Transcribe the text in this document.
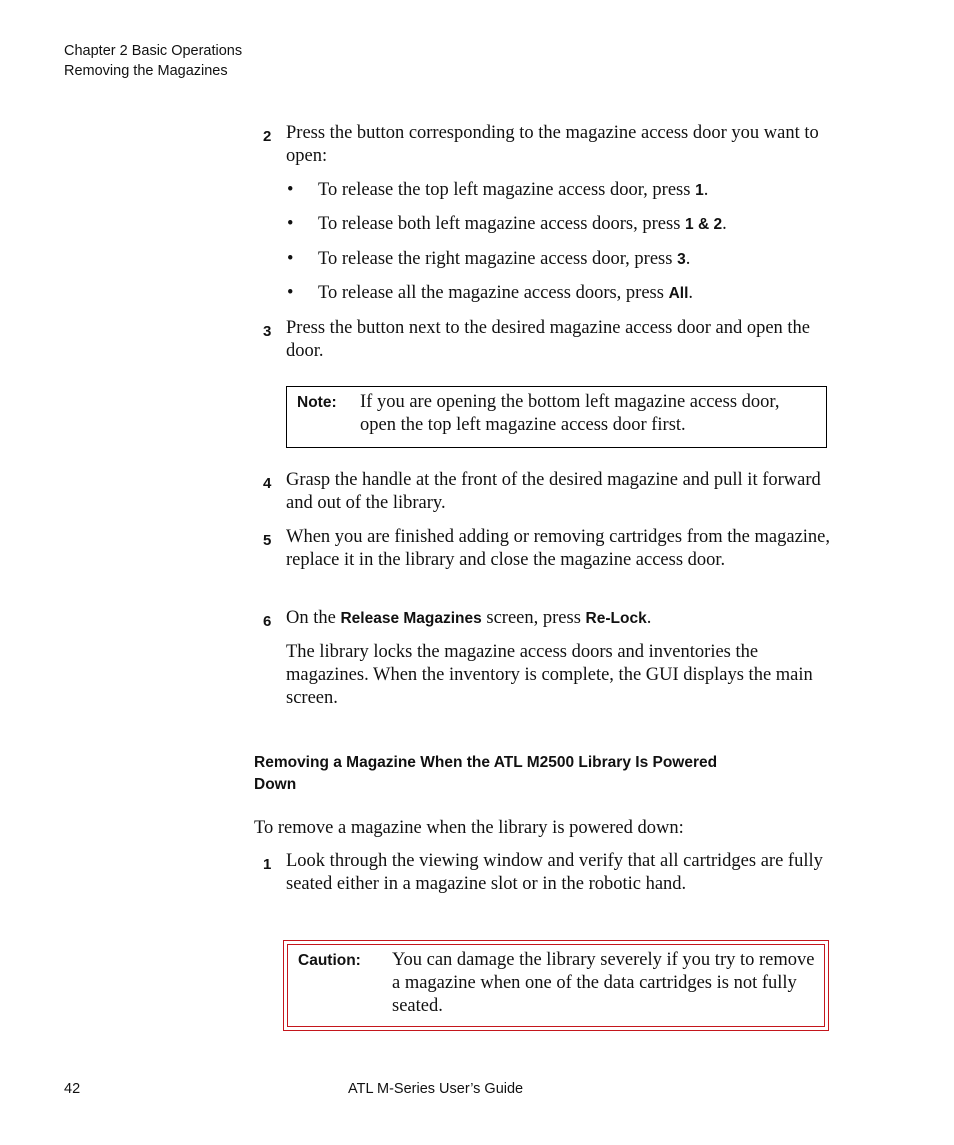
Chapter 2 Basic Operations
Removing the Magazines
2 Press the button corresponding to the magazine access door you want to open:
• To release the top left magazine access door, press 1.
• To release both left magazine access doors, press 1 & 2.
• To release the right magazine access door, press 3.
• To release all the magazine access doors, press All.
3 Press the button next to the desired magazine access door and open the door.
Note: If you are opening the bottom left magazine access door, open the top left magazine access door first.
4 Grasp the handle at the front of the desired magazine and pull it forward and out of the library.
5 When you are finished adding or removing cartridges from the magazine, replace it in the library and close the magazine access door.
6 On the Release Magazines screen, press Re-Lock.
The library locks the magazine access doors and inventories the magazines. When the inventory is complete, the GUI displays the main screen.
Removing a Magazine When the ATL M2500 Library Is Powered Down
To remove a magazine when the library is powered down:
1 Look through the viewing window and verify that all cartridges are fully seated either in a magazine slot or in the robotic hand.
Caution: You can damage the library severely if you try to remove a magazine when one of the data cartridges is not fully seated.
42	ATL M-Series User’s Guide
